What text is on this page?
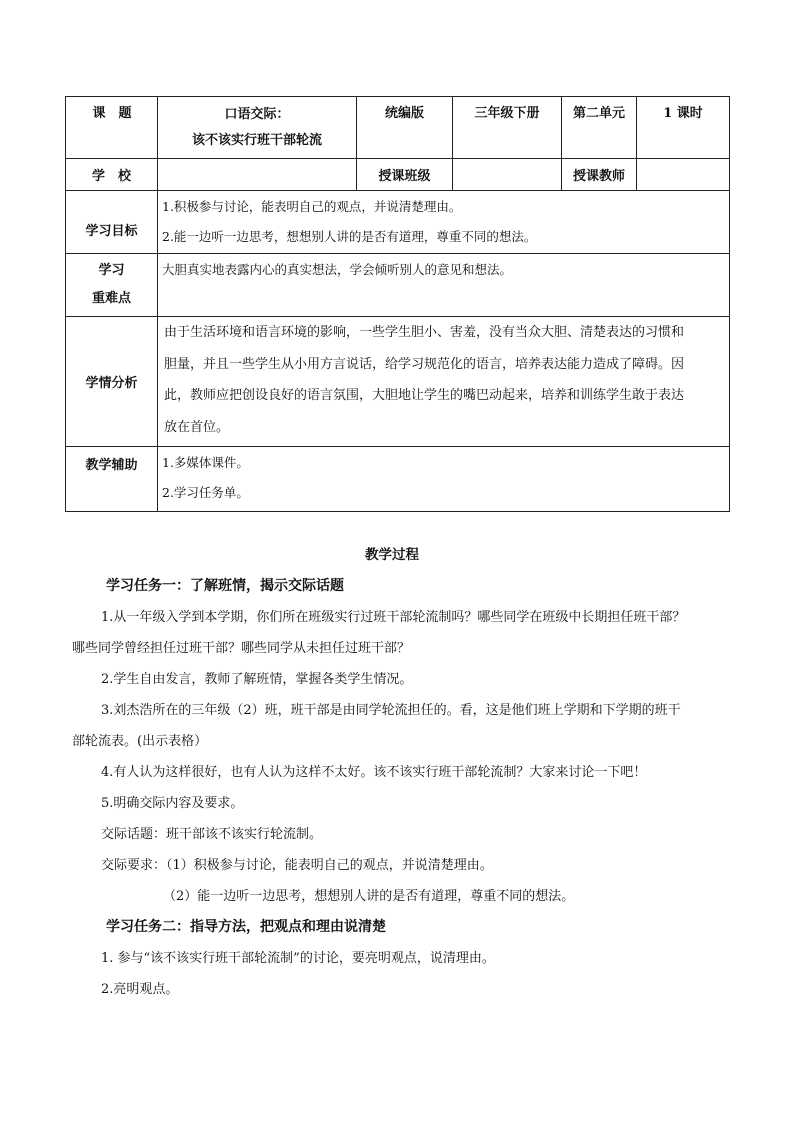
课　题	口语交际：
该不该实行班干部轮流	统编版	三年级下册	第二单元	1 课时

学　校		授课班级		授课教师	

学习目标	1.积极参与讨论，能表明自己的观点，并说清楚理由。
2.能一边听一边思考，想想别人讲的是否有道理，尊重不同的想法。				

学习
重难点	大胆真实地表露内心的真实想法，学会倾听别人的意见和想法。				

学情分析	由于生活环境和语言环境的影响，一些学生胆小、害羞，没有当众大胆、清楚表达的习惯和
胆量，并且一些学生从小用方言说话，给学习规范化的语言，培养表达能力造成了障碍。因
此，教师应把创设良好的语言氛围，大胆地让学生的嘴巴动起来，培养和训练学生敢于表达
放在首位。				

教学辅助	1.多媒体课件。
2.学习任务单。				
教学过程
学习任务一：了解班情，揭示交际话题
1.从一年级入学到本学期，你们所在班级实行过班干部轮流制吗？哪些同学在班级中长期担任班干部？
哪些同学曾经担任过班干部？哪些同学从未担任过班干部？
2.学生自由发言，教师了解班情，掌握各类学生情况。
3.刘杰浩所在的三年级（2）班，班干部是由同学轮流担任的。看，这是他们班上学期和下学期的班干
部轮流表。(出示表格）
4.有人认为这样很好，也有人认为这样不太好。该不该实行班干部轮流制？大家来讨论一下吧！
5.明确交际内容及要求。
交际话题：班干部该不该实行轮流制。
交际要求：（1）积极参与讨论，能表明自己的观点，并说清楚理由。
（2）能一边听一边思考，想想别人讲的是否有道理，尊重不同的想法。
学习任务二：指导方法，把观点和理由说清楚
1. 参与“该不该实行班干部轮流制”的讨论，要亮明观点，说清理由。
2.亮明观点。
